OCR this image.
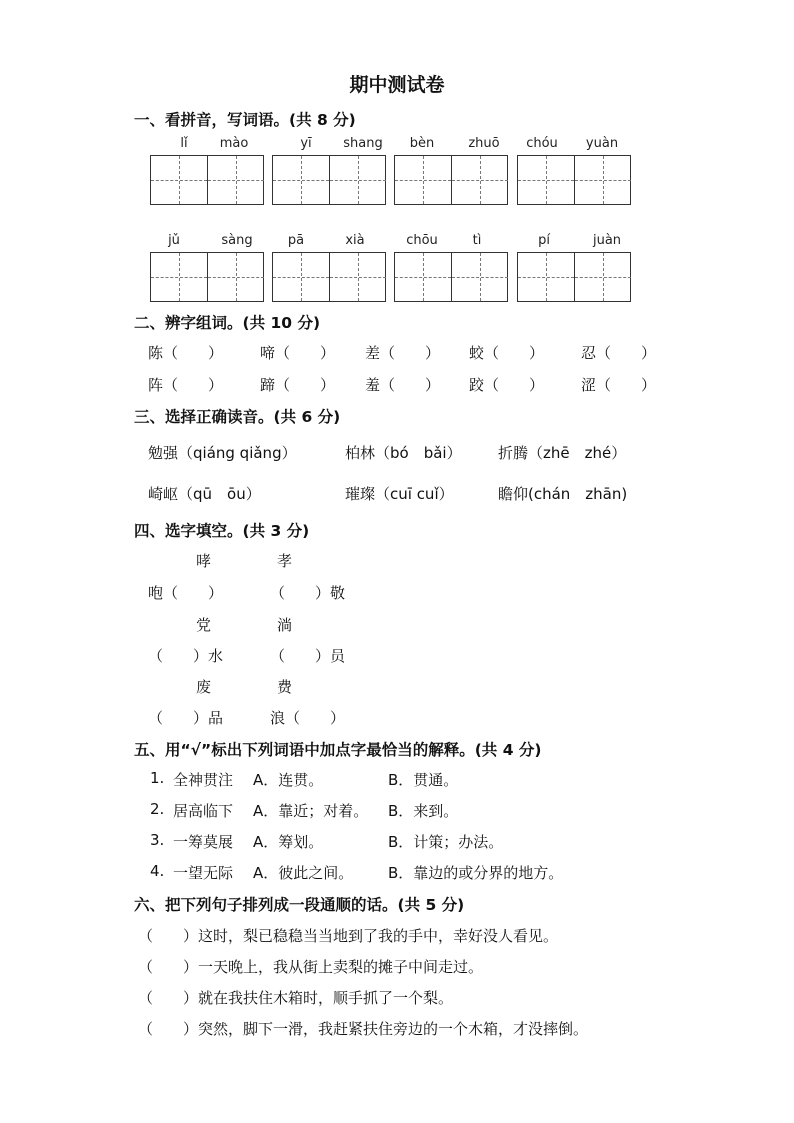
期中测试卷
一、看拼音，写词语。(共 8 分)
lǐ	mào	yī	shang	bèn	zhuō	chóu	yuàn
jǔ	sàng	pā	xià	chōu	tì	pí	juàn
二、辨字组词。(共 10 分)
陈（　　） 啼（　　） 差（　　） 蛟（　　） 忍（　　）
阵（　　） 蹄（　　） 羞（　　） 跤（　　） 涩（　　）
三、选择正确读音。(共 6 分)
勉强（qiáng qiǎng）	柏林（bó　bǎi） 折腾（zhē　zhé）
崎岖（qū　ōu）	璀璨（cuī cuǐ）	瞻仰(chán　zhān)
四、选字填空。(共 3 分)
哮	孝
咆（　　）	（　　）敬
党	淌
（　　）水	（　　）员
废	费
（　　）品	浪（　　）
五、用“√”标出下列词语中加点字最恰当的解释。(共 4 分)
1. 全神贯注 A．连贯。	B．贯通。
2. 居高临下 A．靠近；对着。 B．来到。
3. 一筹莫展 A．筹划。	B．计策；办法。
4. 一望无际 A．彼此之间。 B．靠边的或分界的地方。
六、把下列句子排列成一段通顺的话。(共 5 分)
（　　）这时，梨已稳稳当当地到了我的手中，幸好没人看见。
（　　）一天晚上，我从街上卖梨的摊子中间走过。
（　　）就在我扶住木箱时，顺手抓了一个梨。
（　　）突然，脚下一滑，我赶紧扶住旁边的一个木箱，才没摔倒。
